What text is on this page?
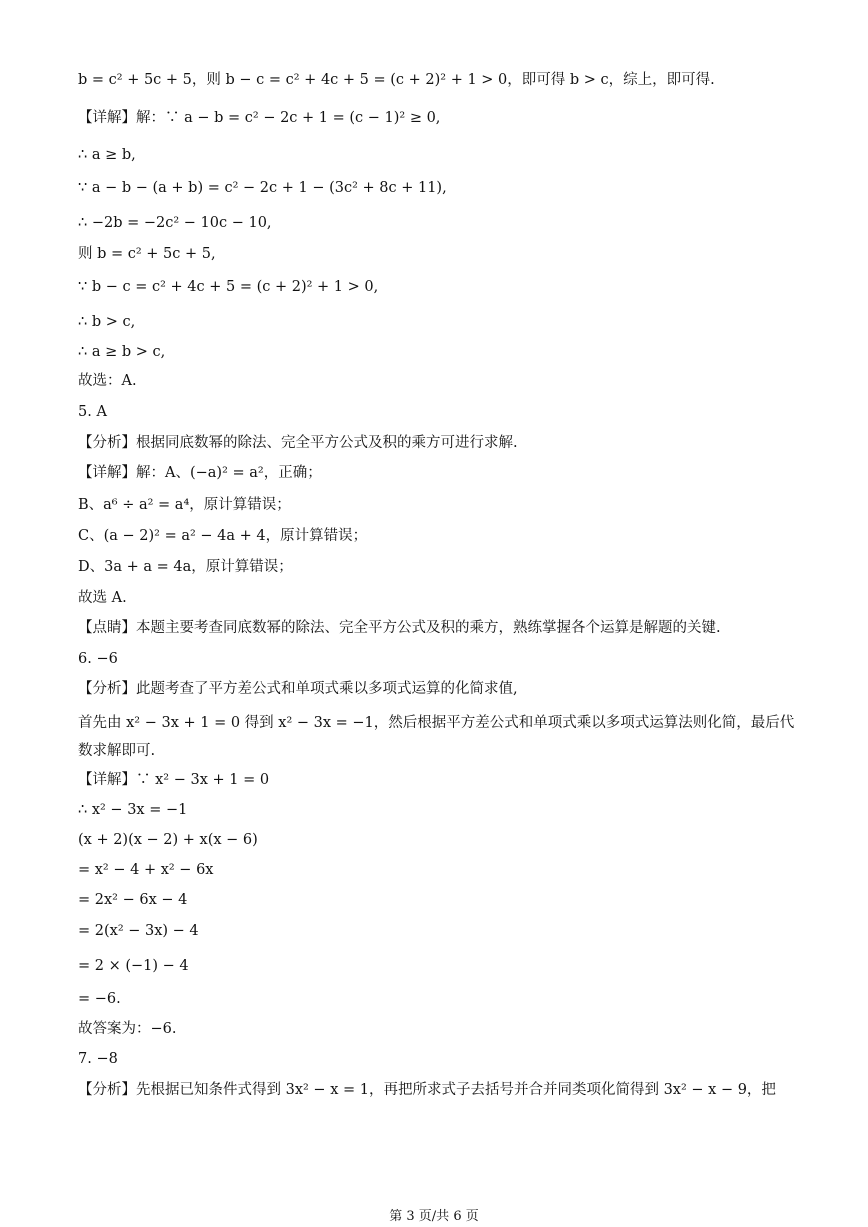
b = c² + 5c + 5，则 b − c = c² + 4c + 5 = (c + 2)² + 1 > 0，即可得 b > c，综上，即可得.
【详解】解：∵ a − b = c² − 2c + 1 = (c − 1)² ≥ 0,
∴ a ≥ b,
∵ a − b − (a + b) = c² − 2c + 1 − (3c² + 8c + 11),
∴ −2b = −2c² − 10c − 10,
则 b = c² + 5c + 5,
∵ b − c = c² + 4c + 5 = (c + 2)² + 1 > 0,
∴ b > c,
∴ a ≥ b > c,
故选：A.
5. A
【分析】根据同底数幂的除法、完全平方公式及积的乘方可进行求解.
【详解】解：A、(−a)² = a²，正确；
B、a⁶ ÷ a² = a⁴，原计算错误；
C、(a − 2)² = a² − 4a + 4，原计算错误；
D、3a + a = 4a，原计算错误；
故选 A.
【点睛】本题主要考查同底数幂的除法、完全平方公式及积的乘方，熟练掌握各个运算是解题的关键.
6. −6
【分析】此题考查了平方差公式和单项式乘以多项式运算的化简求值,
首先由 x² − 3x + 1 = 0 得到 x² − 3x = −1，然后根据平方差公式和单项式乘以多项式运算法则化简，最后代数求解即可.
【详解】∵ x² − 3x + 1 = 0
∴ x² − 3x = −1
(x + 2)(x − 2) + x(x − 6)
= x² − 4 + x² − 6x
= 2x² − 6x − 4
= 2(x² − 3x) − 4
= 2 × (−1) − 4
= −6.
故答案为：−6.
7. −8
【分析】先根据已知条件式得到 3x² − x = 1，再把所求式子去括号并合并同类项化简得到 3x² − x − 9，把
第 3 页/共 6 页
